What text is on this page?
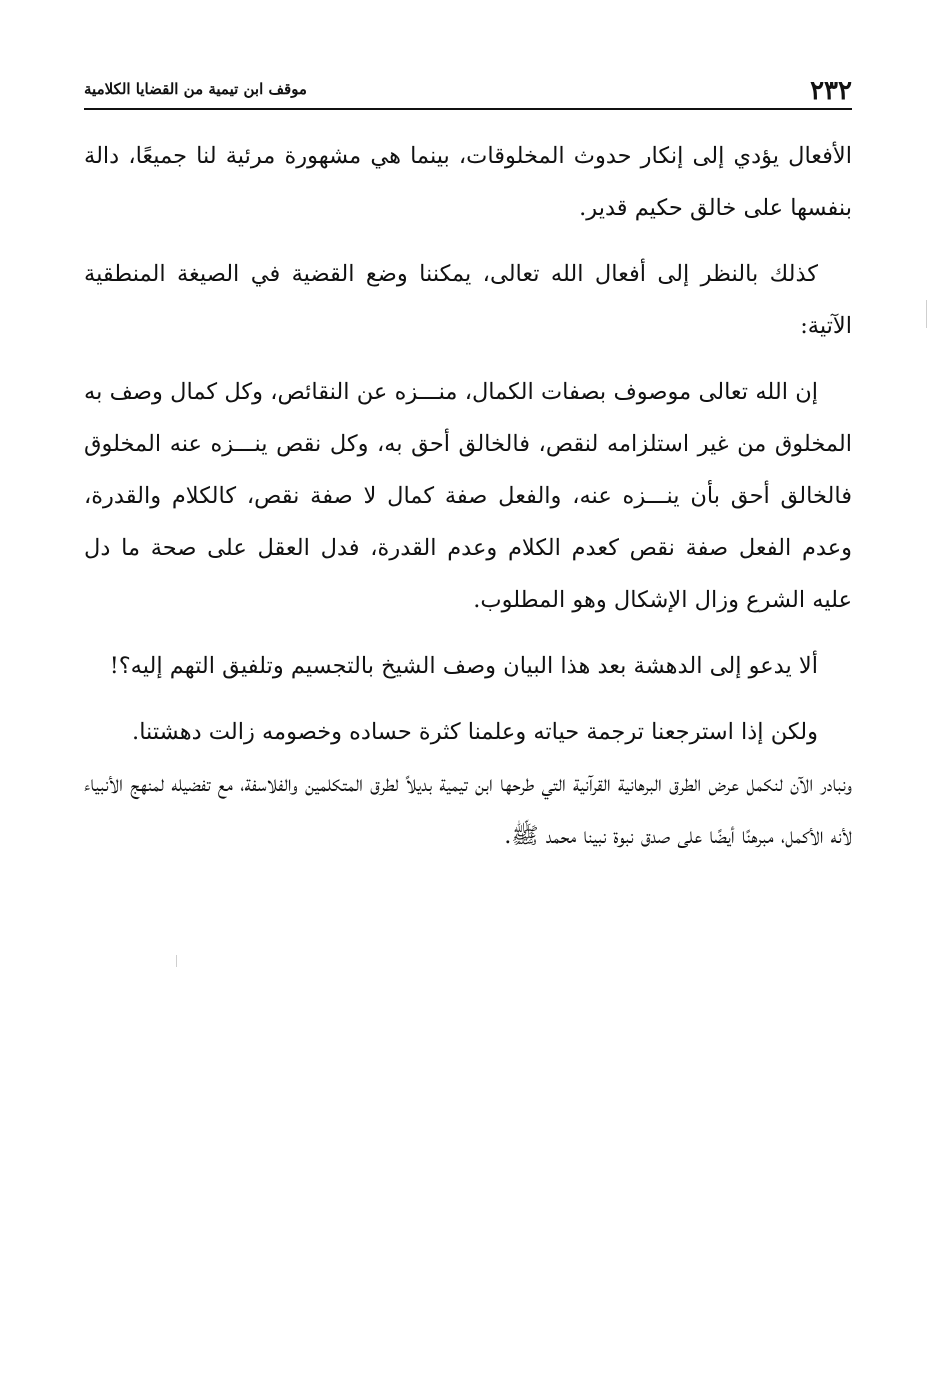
٢٣٢
موقف ابن تيمية من القضايا الكلامية

الأفعال يؤدي إلى إنكار حدوث المخلوقات، بينما هي مشهورة مرئية لنا جميعًا، دالة بنفسها على خالق حكيم قدير.

كذلك بالنظر إلى أفعال الله تعالى، يمكننا وضع القضية في الصيغة المنطقية الآتية:

إن الله تعالى موصوف بصفات الكمال، منـــزه عن النقائص، وكل كمال وصف به المخلوق من غير استلزامه لنقص، فالخالق أحق به، وكل نقص ينـــزه عنه المخلوق فالخالق أحق بأن ينـــزه عنه، والفعل صفة كمال لا صفة نقص، كالكلام والقدرة، وعدم الفعل صفة نقص كعدم الكلام وعدم القدرة، فدل العقل على صحة ما دل عليه الشرع وزال الإشكال وهو المطلوب.

ألا يدعو إلى الدهشة بعد هذا البيان وصف الشيخ بالتجسيم وتلفيق التهم إليه؟!

ولكن إذا استرجعنا ترجمة حياته وعلمنا كثرة حساده وخصومه زالت دهشتنا.

ونبادر الآن لنكمل عرض الطرق البرهانية القرآنية التي طرحها ابن تيمية بديلاً لطرق المتكلمين والفلاسفة، مع تفضيله لمنهج الأنبياء لأنه الأكمل، مبرهنًا أيضًا على صدق نبوة نبينا محمد ﷺ.
